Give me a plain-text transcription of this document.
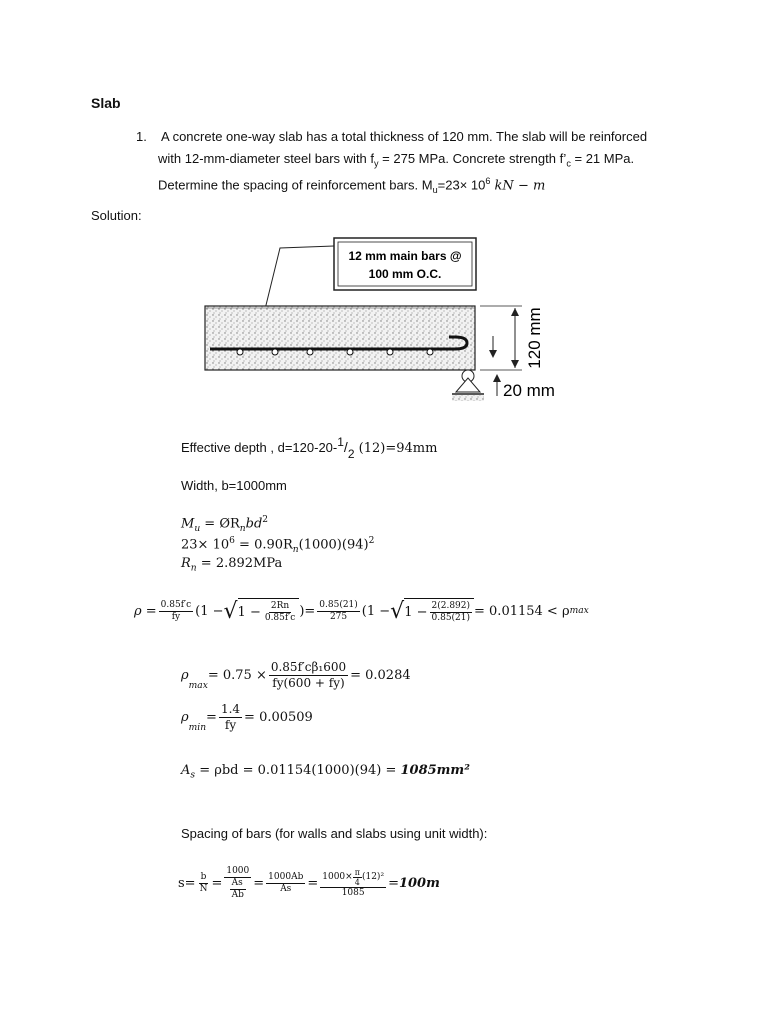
Slab
1. A concrete one-way slab has a total thickness of 120 mm. The slab will be reinforced
with 12-mm-diameter steel bars with $f_y = 275$ MPa. Concrete strength $f’_c = 21$ MPa.
Determine the spacing of reinforcement bars. $M_u=23\times 10^6$ kN − m
Solution:
12 mm main bars @
100 mm O.C.
120 mm
20 mm
Effective depth , d=120-20-1/2 (12)=94mm
Width, b=1000mm
$M_u$ = $ØR_nbd^2$
$23\times 10^6 = 0.90R_n(1000)(94)^2$
$R_n = 2.892MPa$
$\rho = \frac{0.85f'c}{fy} (1$ − √ $1 - \frac{2Rn}{0.85f'c}$ )= $\frac{0.85(21)}{275} (1$ − √ $1 - \frac{2(2.892)}{0.85(21)} = 0.01154 < \rho$ max
ρ
$_{max}$
= $0.75 \times \frac{\text{0.85f′cβ₁600}}{fy(600 + fy)} = 0.0284$
ρ
$_{min}$
= $\frac{1.4}{fy} = 0.00509$
$A_s = \rho bd = 0.01154(1000)(94) = 1085mm^2$
Spacing of bars (for walls and slabs using unit width):
$s= \frac{b}{N} = \frac{1000}{\frac{As}{Ab}} = \frac{1000Ab}{As} = \frac{1000\times \frac{\pi}{4} (12)^2}{1085} = 100m$
